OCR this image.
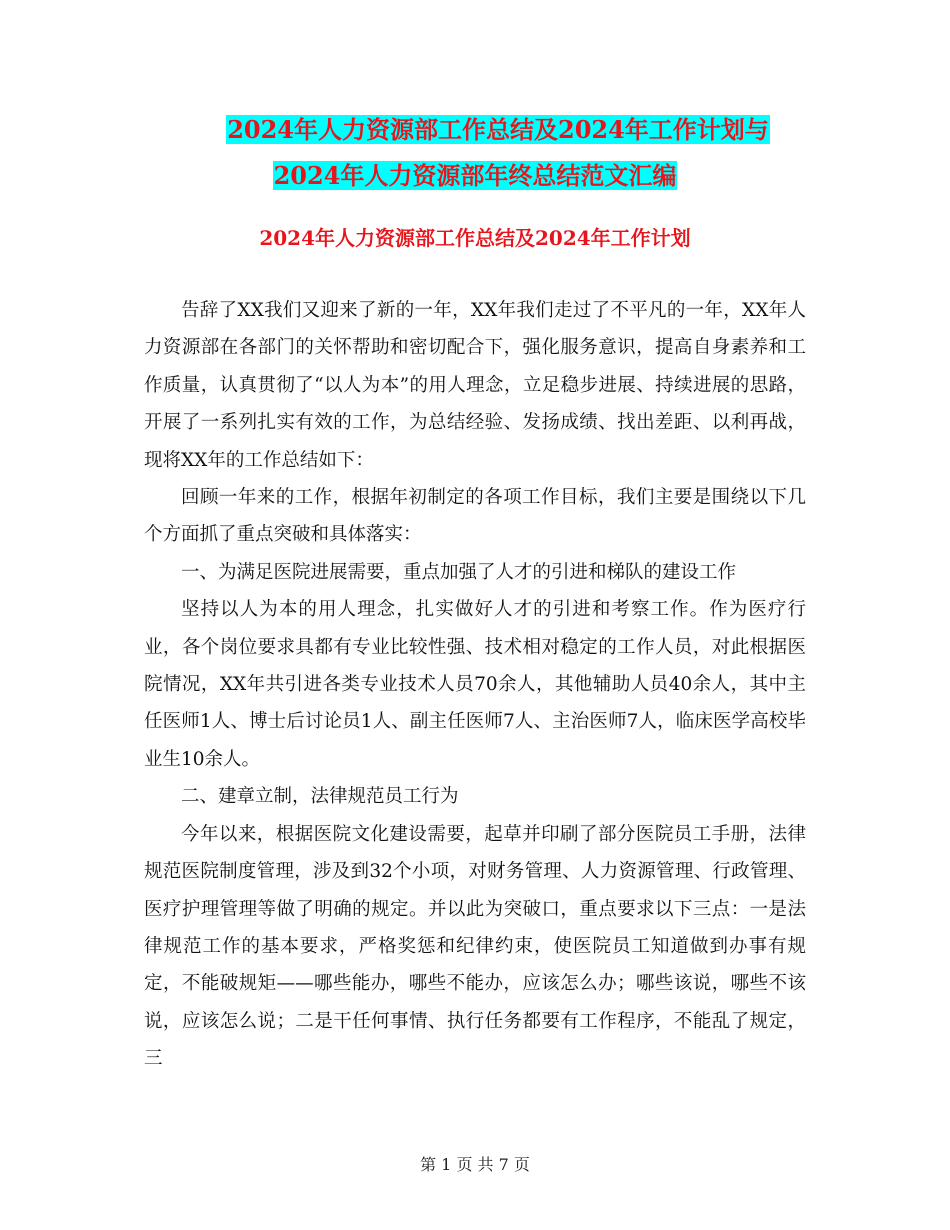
2024年人力资源部工作总结及2024年工作计划与
2024年人力资源部年终总结范文汇编
2024年人力资源部工作总结及2024年工作计划

告辞了XX我们又迎来了新的一年，XX年我们走过了不平凡的一年，XX年人力资源部在各部门的关怀帮助和密切配合下，强化服务意识，提高自身素养和工作质量，认真贯彻了“以人为本”的用人理念，立足稳步进展、持续进展的思路，开展了一系列扎实有效的工作，为总结经验、发扬成绩、找出差距、以利再战，现将XX年的工作总结如下：

回顾一年来的工作，根据年初制定的各项工作目标，我们主要是围绕以下几个方面抓了重点突破和具体落实：

一、为满足医院进展需要，重点加强了人才的引进和梯队的建设工作

坚持以人为本的用人理念，扎实做好人才的引进和考察工作。作为医疗行业，各个岗位要求具都有专业比较性强、技术相对稳定的工作人员，对此根据医院情况，XX年共引进各类专业技术人员70余人，其他辅助人员40余人，其中主任医师1人、博士后讨论员1人、副主任医师7人、主治医师7人，临床医学高校毕业生10余人。

二、建章立制，法律规范员工行为

今年以来，根据医院文化建设需要，起草并印刷了部分医院员工手册，法律规范医院制度管理，涉及到32个小项，对财务管理、人力资源管理、行政管理、医疗护理管理等做了明确的规定。并以此为突破口，重点要求以下三点：一是法律规范工作的基本要求，严格奖惩和纪律约束，使医院员工知道做到办事有规定，不能破规矩——哪些能办，哪些不能办，应该怎么办；哪些该说，哪些不该说，应该怎么说；二是干任何事情、执行任务都要有工作程序，不能乱了规定，三

第 1 页 共 7 页
